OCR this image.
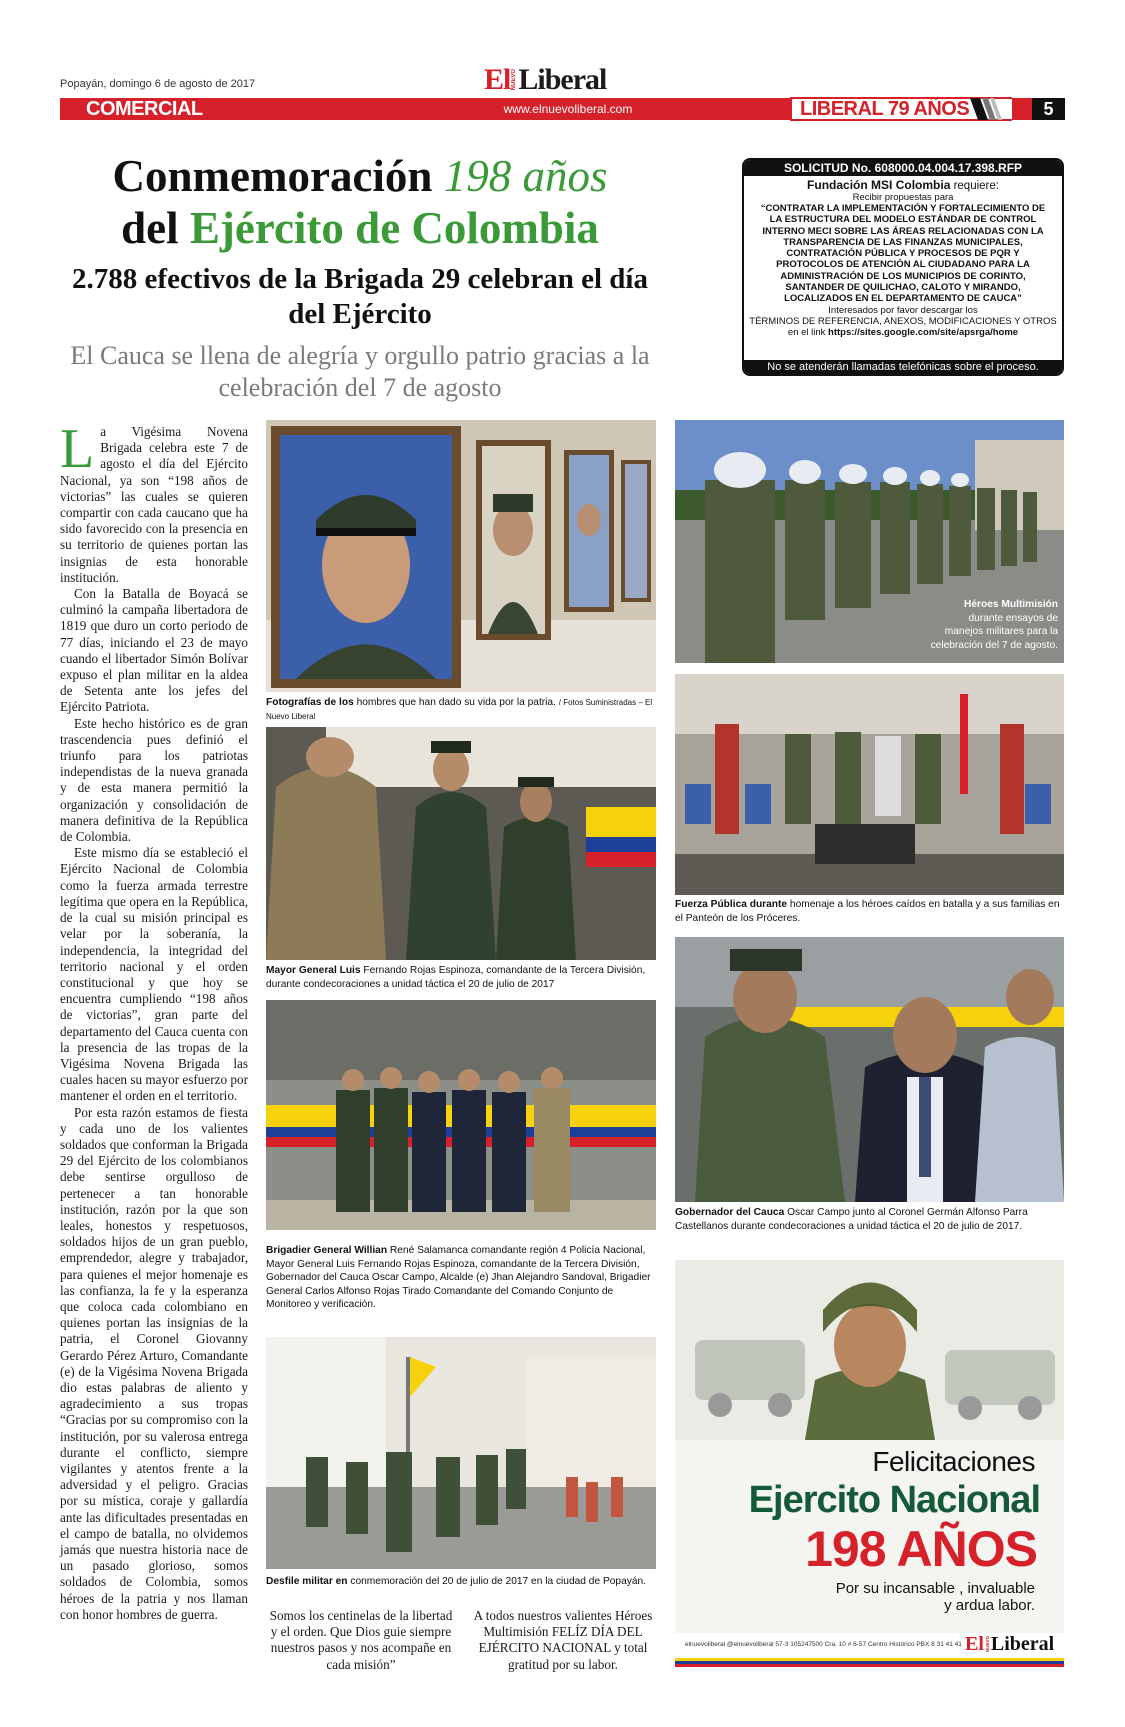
Popayán, domingo 6 de agosto de 2017	El NUEVO Liberal
COMERCIAL	www.elnuevoliberal.com	LIBERAL 79 AÑOS	5
Conmemoración 198 años
del Ejército de Colombia
2.788 efectivos de la Brigada 29 celebran el día del Ejército
El Cauca se llena de alegría y orgullo patrio gracias a la celebración del 7 de agosto
SOLICITUD No. 608000.04.004.17.398.RFP
Fundación MSI Colombia requiere:
Recibir propuestas para
“CONTRATAR LA IMPLEMENTACIÓN Y FORTALECIMIENTO DE LA ESTRUCTURA DEL MODELO ESTÁNDAR DE CONTROL INTERNO MECI SOBRE LAS ÁREAS RELACIONADAS CON LA TRANSPARENCIA DE LAS FINANZAS MUNICIPALES, CONTRATACIÓN PÚBLICA Y PROCESOS DE PQR Y PROTOCOLOS DE ATENCIÓN AL CIUDADANO PARA LA ADMINISTRACIÓN DE LOS MUNICIPIOS DE CORINTO, SANTANDER DE QUILICHAO, CALOTO Y MIRANDO, LOCALIZADOS EN EL DEPARTAMENTO DE CAUCA”
Interesados por favor descargar los
TÉRMINOS DE REFERENCIA, ANEXOS, MODIFICACIONES Y OTROS
en el link https://sites.google.com/site/apsrga/home
No se atenderán llamadas telefónicas sobre el proceso.

La Vigésima Novena Brigada celebra este 7 de agosto el día del Ejército Nacional, ya son “198 años de victorias” las cuales se quieren compartir con cada caucano que ha sido favorecido con la presencia en su territorio de quienes portan las insignias de esta honorable institución.

Con la Batalla de Boyacá se culminó la campaña libertadora de 1819 que duro un corto periodo de 77 días, iniciando el 23 de mayo cuando el libertador Simón Bolívar expuso el plan militar en la aldea de Setenta ante los jefes del Ejército Patriota.

Este hecho histórico es de gran trascendencia pues definió el triunfo para los patriotas independistas de la nueva granada y de esta manera permitió la organización y consolidación de manera definitiva de la República de Colombia.

Este mismo día se estableció el Ejército Nacional de Colombia como la fuerza armada terrestre legítima que opera en la República, de la cual su misión principal es velar por la soberanía, la independencia, la integridad del territorio nacional y el orden constitucional y que hoy se encuentra cumpliendo “198 años de victorias”, gran parte del departamento del Cauca cuenta con la presencia de las tropas de la Vigésima Novena Brigada las cuales hacen su mayor esfuerzo por mantener el orden en el territorio.

Por esta razón estamos de fiesta y cada uno de los valientes soldados que conforman la Brigada 29 del Ejército de los colombianos debe sentirse orgulloso de pertenecer a tan honorable institución, razón por la que son leales, honestos y respetuosos, soldados hijos de un gran pueblo, emprendedor, alegre y trabajador, para quienes el mejor homenaje es las confianza, la fe y la esperanza que coloca cada colombiano en quienes portan las insignias de la patria, el Coronel Giovanny Gerardo Pérez Arturo, Comandante (e) de la Vigésima Novena Brigada dio estas palabras de aliento y agradecimiento a sus tropas “Gracias por su compromiso con la institución, por su valerosa entrega durante el conflicto, siempre vigilantes y atentos frente a la adversidad y el peligro. Gracias por su mística, coraje y gallardía ante las dificultades presentadas en el campo de batalla, no olvidemos jamás que nuestra historia nace de un pasado glorioso, somos soldados de Colombia, somos héroes de la patria y nos llaman con honor hombres de guerra.	Somos los centinelas de la libertad y el orden. Que Dios guie siempre nuestros pasos y nos acompañe en cada misión”

A todos nuestros valientes Héroes Multimisión FELÍZ DÍA DEL EJÉRCITO NACIONAL y total gratitud por su labor.

Fotografías de los hombres que han dado su vida por la patria. / Fotos Suministradas – El Nuevo Liberal
Mayor General Luis Fernando Rojas Espinoza, comandante de la Tercera División, durante condecoraciones a unidad táctica el 20 de julio de 2017
Brigadier General Willian René Salamanca comandante región 4 Policía Nacional, Mayor General Luis Fernando Rojas Espinoza, comandante de la Tercera División, Gobernador del Cauca Oscar Campo, Alcalde (e) Jhan Alejandro Sandoval, Brigadier General Carlos Alfonso Rojas Tirado Comandante del Comando Conjunto de Monitoreo y verificación.
Desfile militar en conmemoración del 20 de julio de 2017 en la ciudad de Popayán.
Héroes Multimisión durante ensayos de manejos militares para la celebración del 7 de agosto.
Fuerza Pública durante homenaje a los héroes caídos en batalla y a sus familias en el Panteón de los Próceres.
Gobernador del Cauca Oscar Campo junto al Coronel Germán Alfonso Parra Castellanos durante condecoraciones a unidad táctica el 20 de julio de 2017.
Felicitaciones
Ejercito Nacional
198 AÑOS
Por su incansable , invaluable
y ardua labor.
elnuevoliberal @elnuevoliberal 57-3 105247500 Cra. 10 # 6-57 Centro Histórico PBX 8 31 41 41 El NUEVO Liberal
